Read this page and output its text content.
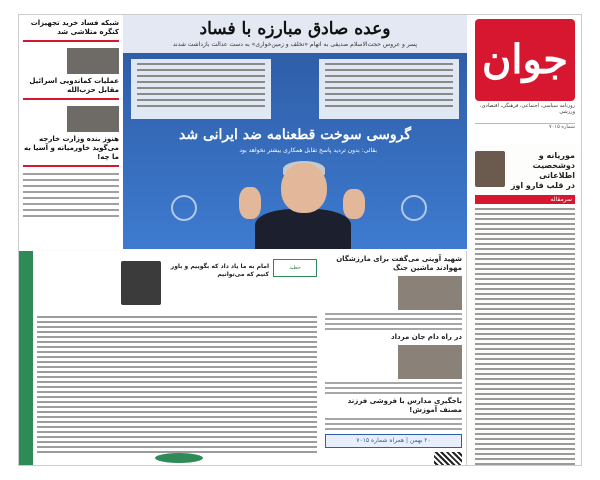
جوان
روزنامه سیاسی، اجتماعی، فرهنگی، اقتصادی، ورزشی
شماره ۷۰۱۵
موریانه و دوشخصیت اطلاعاتی
در قلب فارو اوز
سرمقاله
وعده صادق مبارزه با فساد
پسر و عروس حجت‌الاسلام صدیقی به اتهام «تخلف و زمین‌خواری» به دست عدالت بازداشت شدند
گروسی سوخت قطعنامه ضد ایرانی شد
بقائی: بدون تردید پاسخ تقابل همکاری بیشتر نخواهد بود
شبکه فساد خرید تجهیزات کنگره متلاشی شد
عملیات کماندویی اسرائیل مقابل حزب‌الله
هنوز بنده وزارت خارجه می‌گوید خاورمیانه و آسیا به ما چه!
خطبه
امام به ما یاد داد که بگوییم و باور کنیم که می‌توانیم
شهید آوینی می‌گفت برای مارزشگان مهوادند ماشین جنگ
در راه دام جان مرداد
باجگیری مدارس با فروشی فرزند مصنف آموزش!
۲۰ بهمن | همراه شماره ۷۰۱۵
